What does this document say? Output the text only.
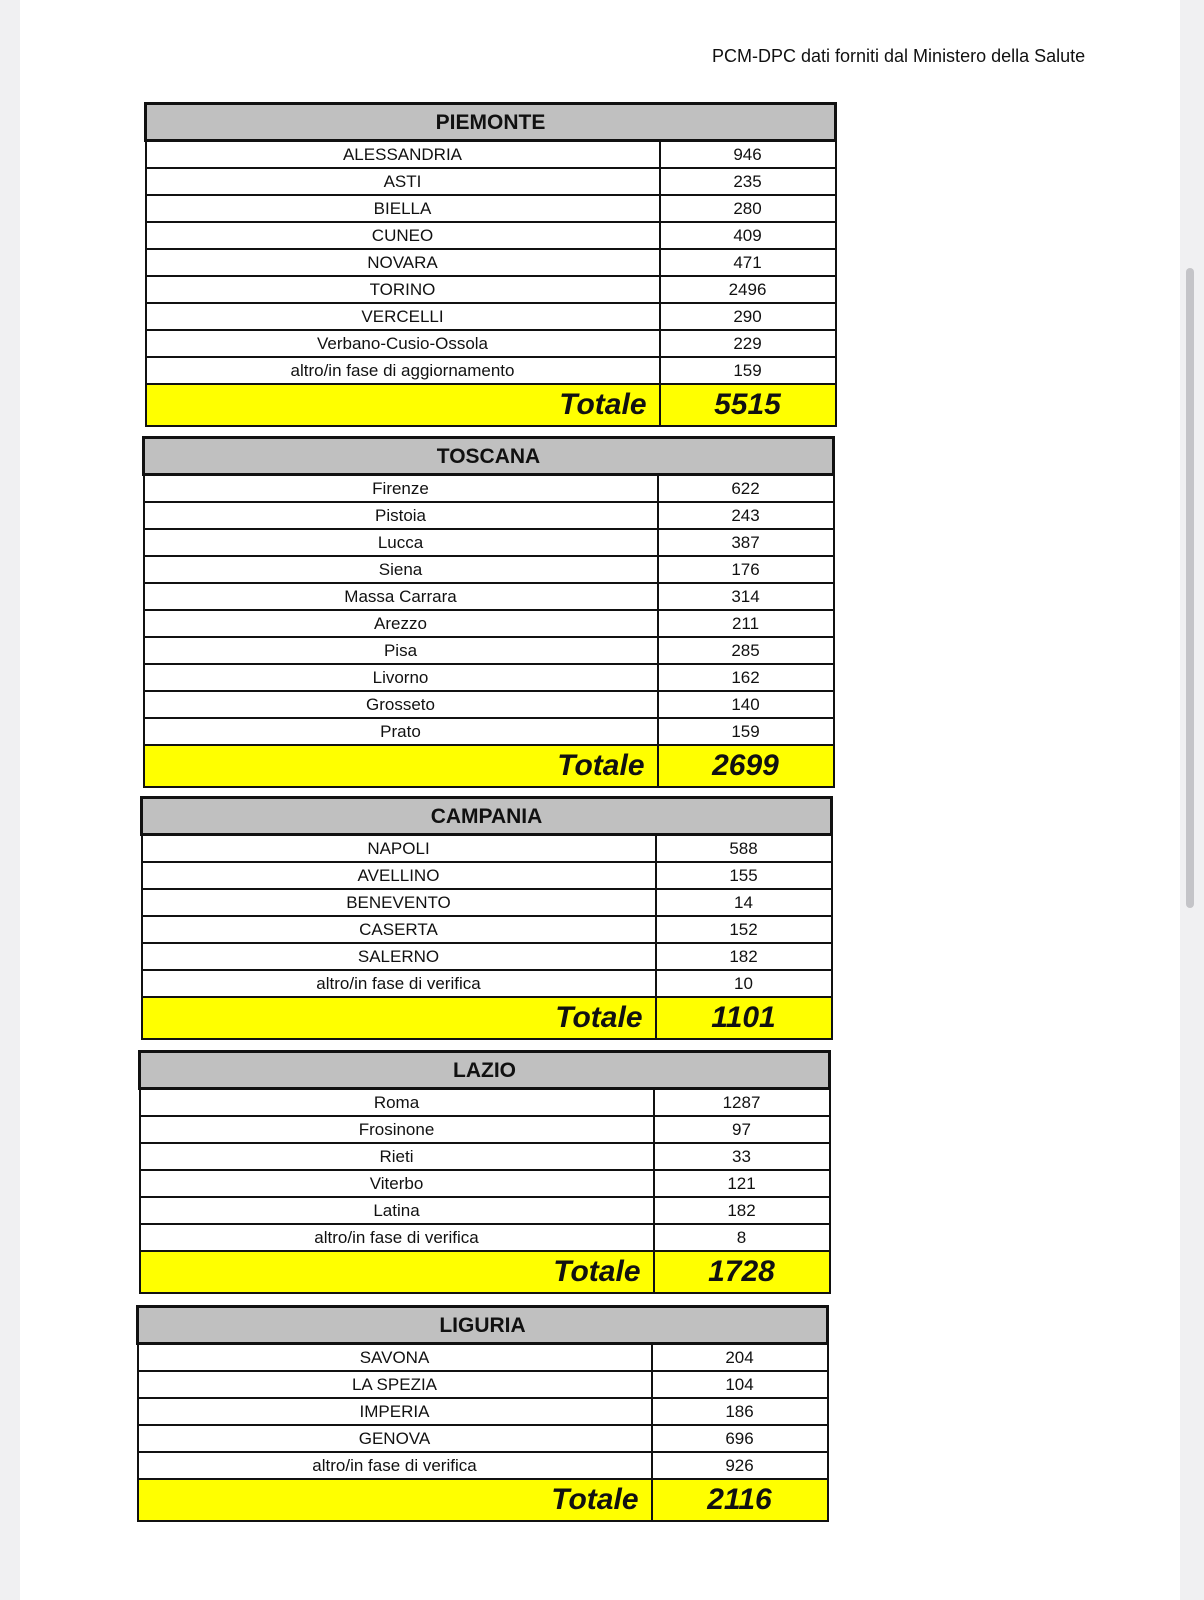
PCM-DPC dati forniti dal Ministero della Salute
PIEMONTE	
ALESSANDRIA	946
ASTI	235
BIELLA	280
CUNEO	409
NOVARA	471
TORINO	2496
VERCELLI	290
Verbano-Cusio-Ossola	229
altro/in fase di aggiornamento	159
Totale	5515
TOSCANA	
Firenze	622
Pistoia	243
Lucca	387
Siena	176
Massa Carrara	314
Arezzo	211
Pisa	285
Livorno	162
Grosseto	140
Prato	159
Totale	2699
CAMPANIA	
NAPOLI	588
AVELLINO	155
BENEVENTO	14
CASERTA	152
SALERNO	182
altro/in fase di verifica	10
Totale	1101
LAZIO	
Roma	1287
Frosinone	97
Rieti	33
Viterbo	121
Latina	182
altro/in fase di verifica	8
Totale	1728
LIGURIA	
SAVONA	204
LA SPEZIA	104
IMPERIA	186
GENOVA	696
altro/in fase di verifica	926
Totale	2116
